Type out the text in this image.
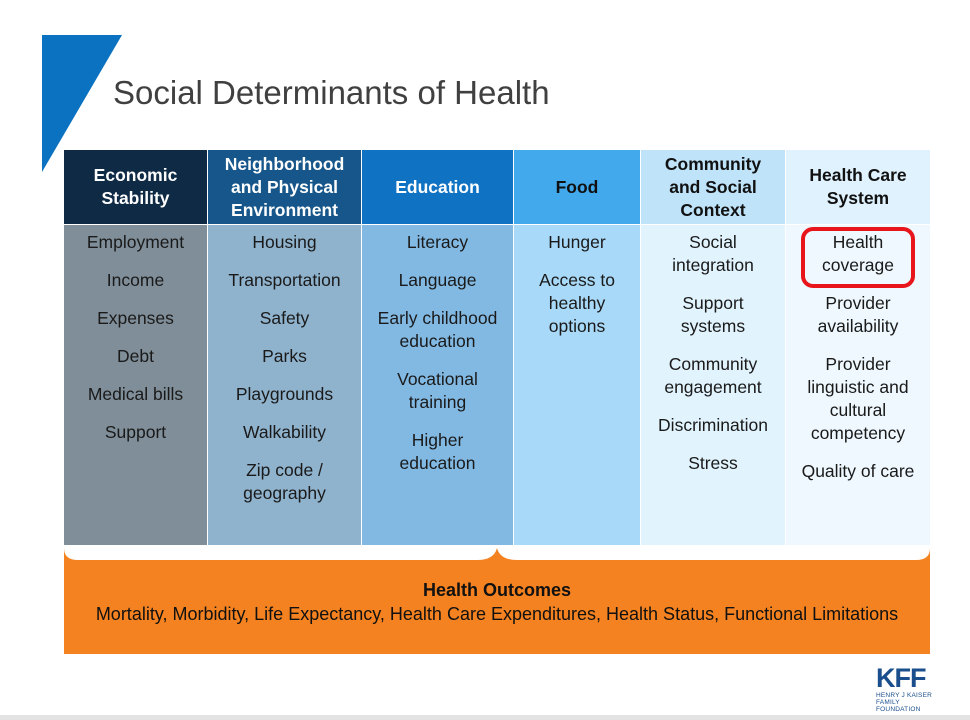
Social Determinants of Health
Economic
Stability
Employment
Income
Expenses
Debt
Medical bills
Support
Neighborhood
and Physical
Environment
Housing
Transportation
Safety
Parks
Playgrounds
Walkability
Zip code /
geography
Education
Literacy
Language
Early childhood
education
Vocational
training
Higher
education
Food
Hunger
Access to
healthy
options
Community
and Social
Context
Social
integration
Support
systems
Community
engagement
Discrimination
Stress
Health Care
System
Health
coverage
Provider
availability
Provider
linguistic and
cultural
competency
Quality of care
Health Outcomes
Mortality, Morbidity, Life Expectancy, Health Care Expenditures, Health Status, Functional Limitations
KFF
HENRY J KAISER
FAMILY FOUNDATION
